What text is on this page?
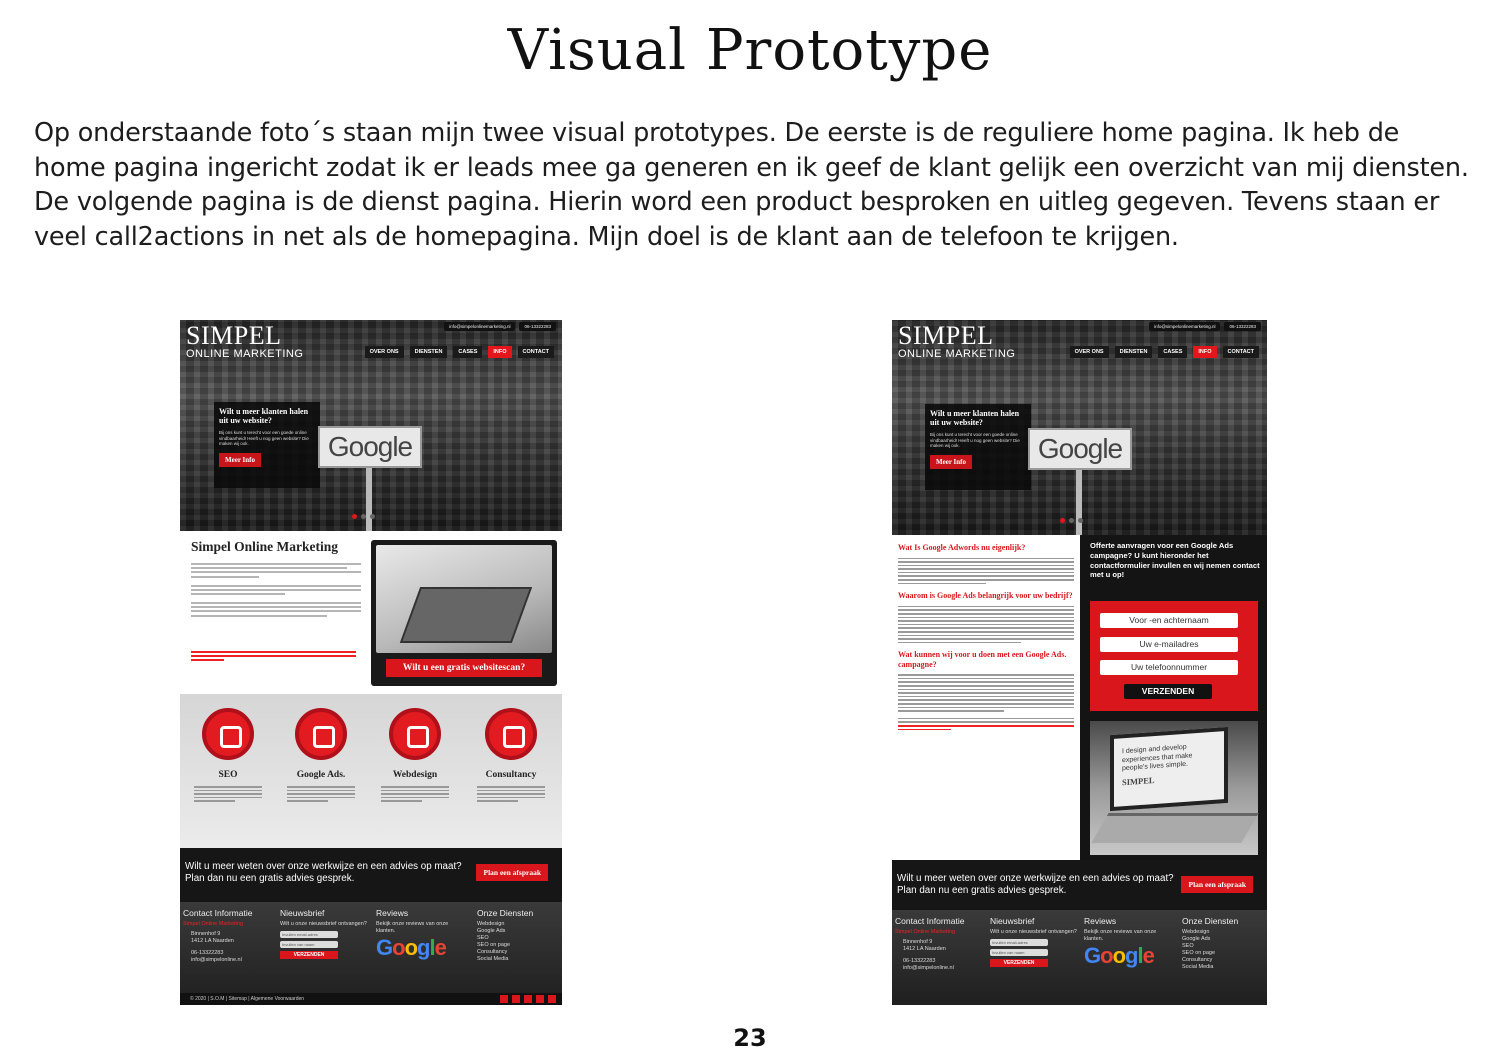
Visual Prototype

Op onderstaande foto´s staan mijn twee visual prototypes. De eerste is de reguliere home pagina. Ik heb de home pagina ingericht zodat ik er leads mee ga generen en ik geef de klant gelijk een overzicht van mij diensten. De volgende pagina is de dienst pagina. Hierin word een product besproken en uitleg gegeven. Tevens staan er veel call2actions in net als de homepagina. Mijn doel is de klant aan de telefoon te krijgen.

SIMPEL
ONLINE MARKETING
info@simpelonlinemarketing.nl	06-13322283
OVER ONS	DIENSTEN	CASES	INFO	CONTACT
Wilt u meer klanten halen uit uw website?

Bij ons kunt u terecht voor een goede online vindbaarheid! Heeft u nog geen website? Die maken wij ook.

Meer Info	Google
Simpel Online Marketing
Wilt u een gratis websitescan?
SEO	Google Ads.	Webdesign	Consultancy

Wilt u meer weten over onze werkwijze en een advies op maat? Plan dan nu een gratis advies gesprek.

Plan een afspraak
Contact Informatie
Simpel Online Marketing
Binnenhof 9
1412 LA Naarden
06-13322283
info@simpelonline.nl
Nieuwsbrief
Wilt u onze nieuwsbrief ontvangen?
Invullen email-adres
Invullen van naam
VERZENDEN
Reviews
Bekijk onze reviews van onze klanten.
Google
Onze Diensten
Webdesign
Google Ads
SEO
SEO on page
Consultancy
Social Media
© 2020 | S.O.M | Sitemap | Algemene Voorwaarden
SIMPEL
ONLINE MARKETING
info@simpelonlinemarketing.nl	06-13322283
OVER ONS	DIENSTEN	CASES	INFO	CONTACT
Wilt u meer klanten halen uit uw website?

Bij ons kunt u terecht voor een goede online vindbaarheid! Heeft u nog geen website? Die maken wij ook.

Meer Info	Google
Wat Is Google Adwords nu eigenlijk?
Waarom is Google Ads belangrijk voor uw bedrijf?
Wat kunnen wij voor u doen met een Google Ads. campagne?
Offerte aanvragen voor een Google Ads campagne? U kunt hieronder het contactformulier invullen en wij nemen contact met u op!
Voor -en achternaam
Uw e-mailadres
Uw telefoonnummer
VERZENDEN
I design and develop experiences that make people's lives simple.
SIMPEL

Wilt u meer weten over onze werkwijze en een advies op maat? Plan dan nu een gratis advies gesprek.

Plan een afspraak
Contact Informatie
Simpel Online Marketing
Binnenhof 9
1412 LA Naarden
06-13322283
info@simpelonline.nl
Nieuwsbrief
Wilt u onze nieuwsbrief ontvangen?
Invullen email-adres
Invullen van naam
VERZENDEN
Reviews
Bekijk onze reviews van onze klanten.
Google
Onze Diensten
Webdesign
Google Ads
SEO
SEO on page
Consultancy
Social Media
23
